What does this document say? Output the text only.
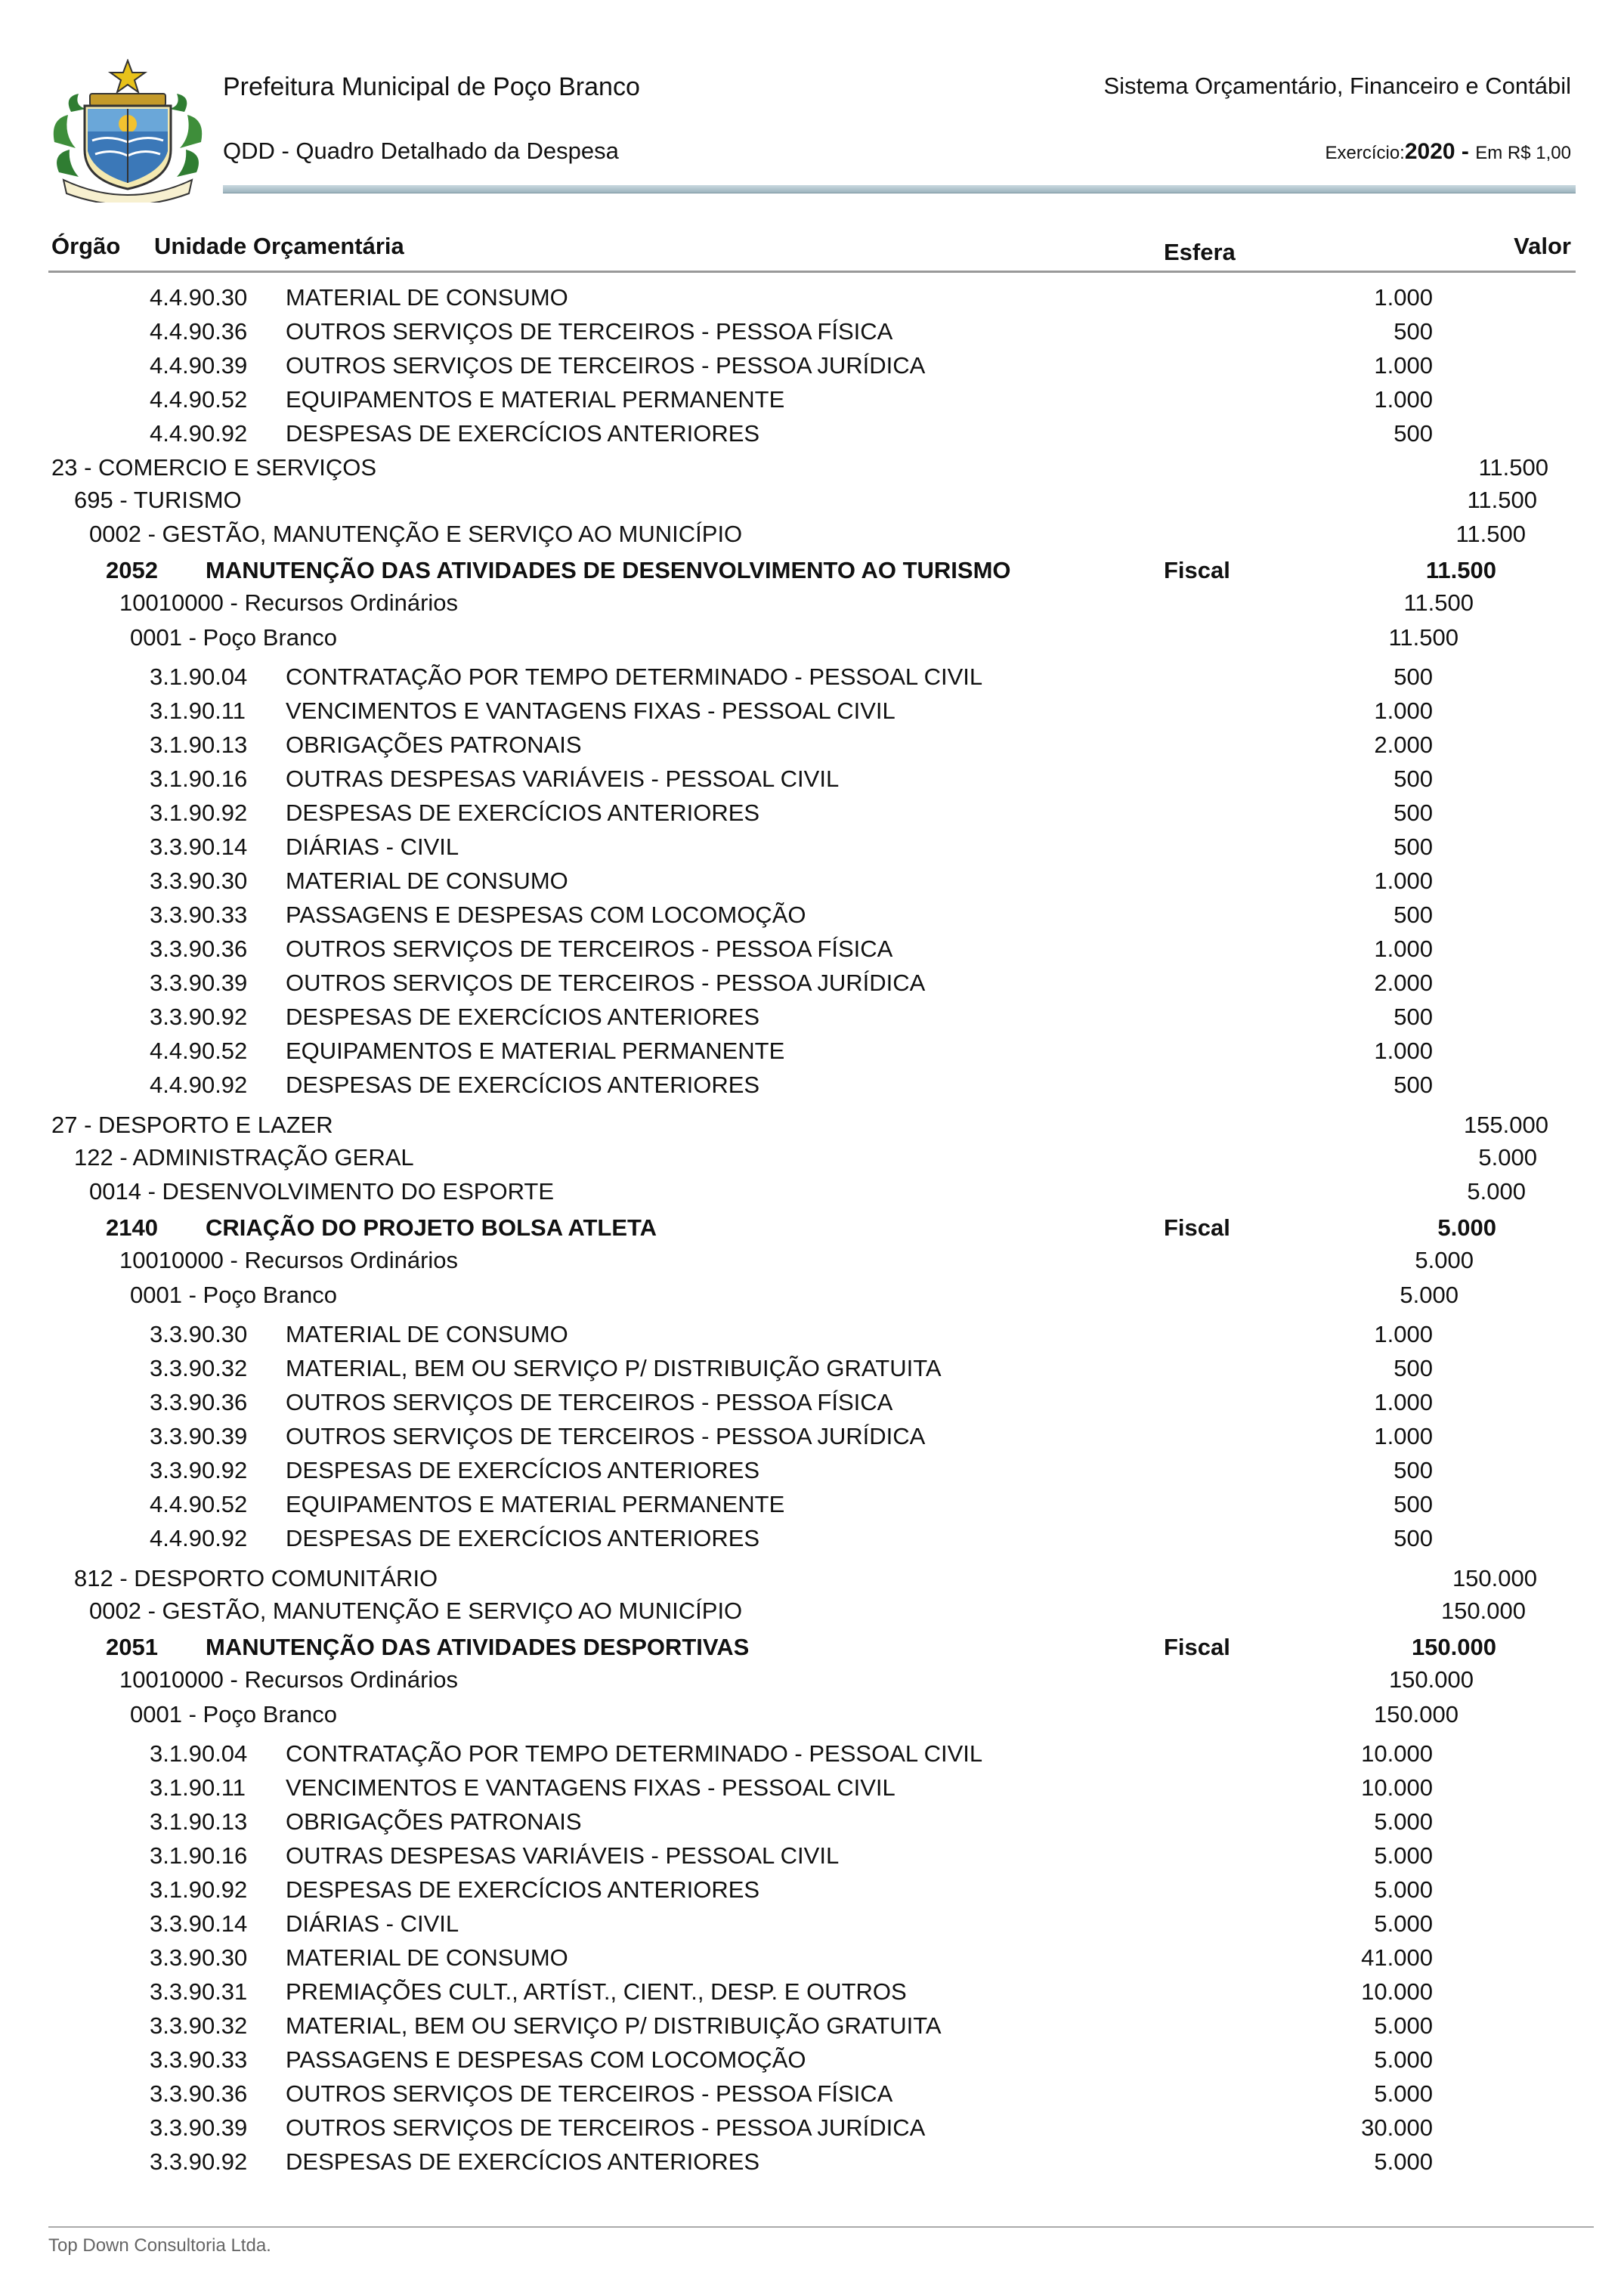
Prefeitura Municipal de Poço Branco	Sistema Orçamentário, Financeiro e Contábil
QDD - Quadro Detalhado da Despesa	Exercício:2020 - Em R$ 1,00
Órgão Unidade Orçamentária	Esfera	Valor
4.4.90.30 MATERIAL DE CONSUMO	1.000
4.4.90.36 OUTROS SERVIÇOS DE TERCEIROS - PESSOA FÍSICA	500
4.4.90.39 OUTROS SERVIÇOS DE TERCEIROS - PESSOA JURÍDICA	1.000
4.4.90.52 EQUIPAMENTOS E MATERIAL PERMANENTE	1.000
4.4.90.92 DESPESAS DE EXERCÍCIOS ANTERIORES	500
23 - COMERCIO E SERVIÇOS	11.500
695 - TURISMO	11.500
0002 - GESTÃO, MANUTENÇÃO E SERVIÇO AO MUNICÍPIO	11.500
2052 MANUTENÇÃO DAS ATIVIDADES DE DESENVOLVIMENTO AO TURISMO	Fiscal	11.500
10010000 - Recursos Ordinários	11.500
0001 - Poço Branco	11.500
3.1.90.04 CONTRATAÇÃO POR TEMPO DETERMINADO - PESSOAL CIVIL	500
3.1.90.11 VENCIMENTOS E VANTAGENS FIXAS - PESSOAL CIVIL	1.000
3.1.90.13 OBRIGAÇÕES PATRONAIS	2.000
3.1.90.16 OUTRAS DESPESAS VARIÁVEIS - PESSOAL CIVIL	500
3.1.90.92 DESPESAS DE EXERCÍCIOS ANTERIORES	500
3.3.90.14 DIÁRIAS - CIVIL	500
3.3.90.30 MATERIAL DE CONSUMO	1.000
3.3.90.33 PASSAGENS E DESPESAS COM LOCOMOÇÃO	500
3.3.90.36 OUTROS SERVIÇOS DE TERCEIROS - PESSOA FÍSICA	1.000
3.3.90.39 OUTROS SERVIÇOS DE TERCEIROS - PESSOA JURÍDICA	2.000
3.3.90.92 DESPESAS DE EXERCÍCIOS ANTERIORES	500
4.4.90.52 EQUIPAMENTOS E MATERIAL PERMANENTE	1.000
4.4.90.92 DESPESAS DE EXERCÍCIOS ANTERIORES	500
27 - DESPORTO E LAZER	155.000
122 - ADMINISTRAÇÃO GERAL	5.000
0014 - DESENVOLVIMENTO DO ESPORTE	5.000
2140 CRIAÇÃO DO PROJETO BOLSA ATLETA	Fiscal	5.000
10010000 - Recursos Ordinários	5.000
0001 - Poço Branco	5.000
3.3.90.30 MATERIAL DE CONSUMO	1.000
3.3.90.32 MATERIAL, BEM OU SERVIÇO P/ DISTRIBUIÇÃO GRATUITA	500
3.3.90.36 OUTROS SERVIÇOS DE TERCEIROS - PESSOA FÍSICA	1.000
3.3.90.39 OUTROS SERVIÇOS DE TERCEIROS - PESSOA JURÍDICA	1.000
3.3.90.92 DESPESAS DE EXERCÍCIOS ANTERIORES	500
4.4.90.52 EQUIPAMENTOS E MATERIAL PERMANENTE	500
4.4.90.92 DESPESAS DE EXERCÍCIOS ANTERIORES	500
812 - DESPORTO COMUNITÁRIO	150.000
0002 - GESTÃO, MANUTENÇÃO E SERVIÇO AO MUNICÍPIO	150.000
2051 MANUTENÇÃO DAS ATIVIDADES DESPORTIVAS	Fiscal	150.000
10010000 - Recursos Ordinários	150.000
0001 - Poço Branco	150.000
3.1.90.04 CONTRATAÇÃO POR TEMPO DETERMINADO - PESSOAL CIVIL	10.000
3.1.90.11 VENCIMENTOS E VANTAGENS FIXAS - PESSOAL CIVIL	10.000
3.1.90.13 OBRIGAÇÕES PATRONAIS	5.000
3.1.90.16 OUTRAS DESPESAS VARIÁVEIS - PESSOAL CIVIL	5.000
3.1.90.92 DESPESAS DE EXERCÍCIOS ANTERIORES	5.000
3.3.90.14 DIÁRIAS - CIVIL	5.000
3.3.90.30 MATERIAL DE CONSUMO	41.000
3.3.90.31 PREMIAÇÕES CULT., ARTÍST., CIENT., DESP. E OUTROS	10.000
3.3.90.32 MATERIAL, BEM OU SERVIÇO P/ DISTRIBUIÇÃO GRATUITA	5.000
3.3.90.33 PASSAGENS E DESPESAS COM LOCOMOÇÃO	5.000
3.3.90.36 OUTROS SERVIÇOS DE TERCEIROS - PESSOA FÍSICA	5.000
3.3.90.39 OUTROS SERVIÇOS DE TERCEIROS - PESSOA JURÍDICA	30.000
3.3.90.92 DESPESAS DE EXERCÍCIOS ANTERIORES	5.000
Top Down Consultoria Ltda.
